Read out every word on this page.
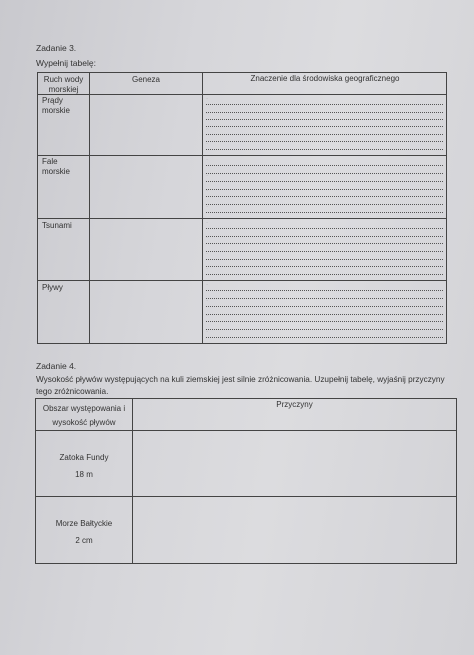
Zadanie 3.
Wypełnij tabelę:
Ruch wody
morskiej
Geneza	Znaczenie dla środowiska geograficznego
Prądy
morskie
Fale
morskie
Tsunami
Pływy
-
-
-
-
-
-
-
-
-
-
-
-
-
-
-
-
Zadanie 4.
Wysokość pływów występujących na kuli ziemskiej jest silnie zróżnicowania. Uzupełnij tabelę, wyjaśnij przyczyny
tego zróżnicowania.
Obszar występowania i
wysokość pływów
Przyczyny
Zatoka Fundy
18 m
Morze Bałtyckie
2 cm
